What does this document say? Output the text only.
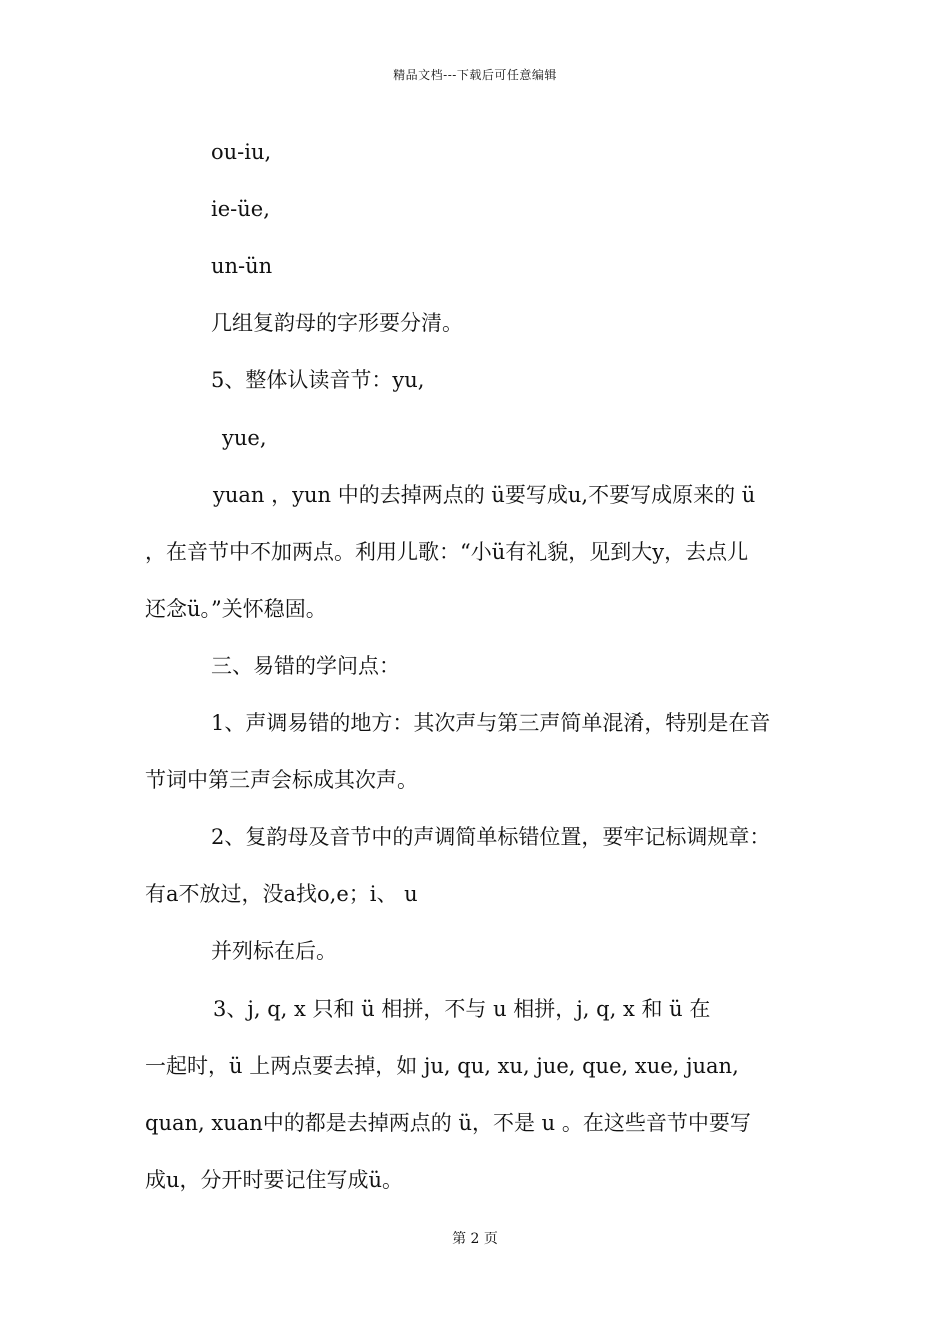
精品文档---下载后可任意编辑
ou-iu,
ie-üe,
un-ün
几组复韵母的字形要分清。
5、整体认读音节：yu,
yue,
yuan ，yun 中的去掉两点的 ü要写成u,不要写成原来的 ü
，在音节中不加两点。利用儿歌：“小ü有礼貌，见到大y，去点儿
还念ü。”关怀稳固。
三、易错的学问点：
1、声调易错的地方：其次声与第三声简单混淆，特别是在音
节词中第三声会标成其次声。
2、复韵母及音节中的声调简单标错位置，要牢记标调规章：
有a不放过，没a找o,e；i、 u
并列标在后。
3、j, q, x 只和 ü 相拼，不与 u 相拼，j, q, x 和 ü 在
一起时，ü 上两点要去掉，如 ju, qu, xu, jue, que, xue, juan,
quan, xuan中的都是去掉两点的 ü，不是 u 。在这些音节中要写
成u，分开时要记住写成ü。
第 2 页
